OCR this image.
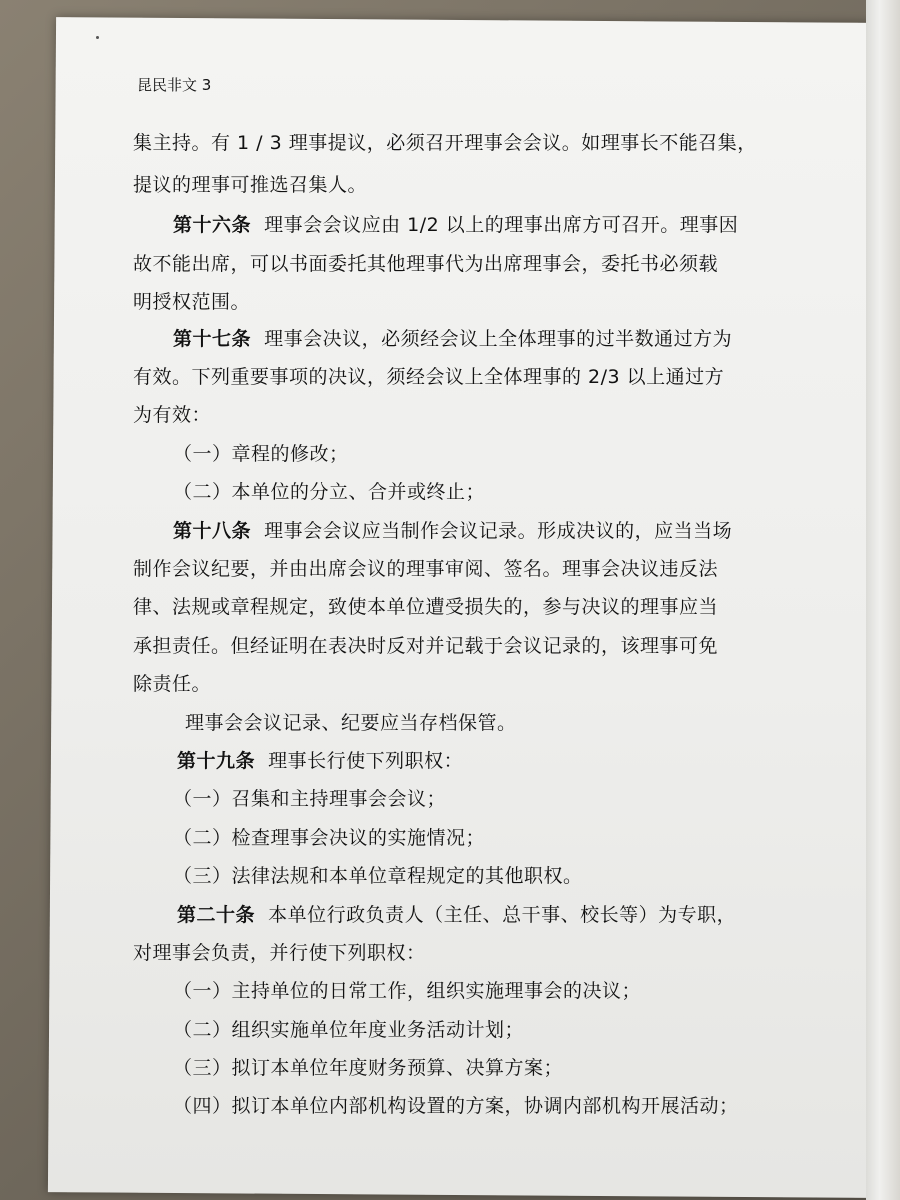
昆民非文 3
集主持。有 1 / 3 理事提议，必须召开理事会会议。如理事长不能召集，
提议的理事可推选召集人。
第十六条 理事会会议应由 1/2 以上的理事出席方可召开。理事因
故不能出席，可以书面委托其他理事代为出席理事会，委托书必须载
明授权范围。
第十七条 理事会决议，必须经会议上全体理事的过半数通过方为
有效。下列重要事项的决议，须经会议上全体理事的 2/3 以上通过方
为有效：
（一）章程的修改；
（二）本单位的分立、合并或终止；
第十八条 理事会会议应当制作会议记录。形成决议的，应当当场
制作会议纪要，并由出席会议的理事审阅、签名。理事会决议违反法
律、法规或章程规定，致使本单位遭受损失的，参与决议的理事应当
承担责任。但经证明在表决时反对并记载于会议记录的，该理事可免
除责任。
理事会会议记录、纪要应当存档保管。
第十九条 理事长行使下列职权：
（一）召集和主持理事会会议；
（二）检查理事会决议的实施情况；
（三）法律法规和本单位章程规定的其他职权。
第二十条 本单位行政负责人（主任、总干事、校长等）为专职，
对理事会负责，并行使下列职权：
（一）主持单位的日常工作，组织实施理事会的决议；
（二）组织实施单位年度业务活动计划；
（三）拟订本单位年度财务预算、决算方案；
（四）拟订本单位内部机构设置的方案，协调内部机构开展活动；
